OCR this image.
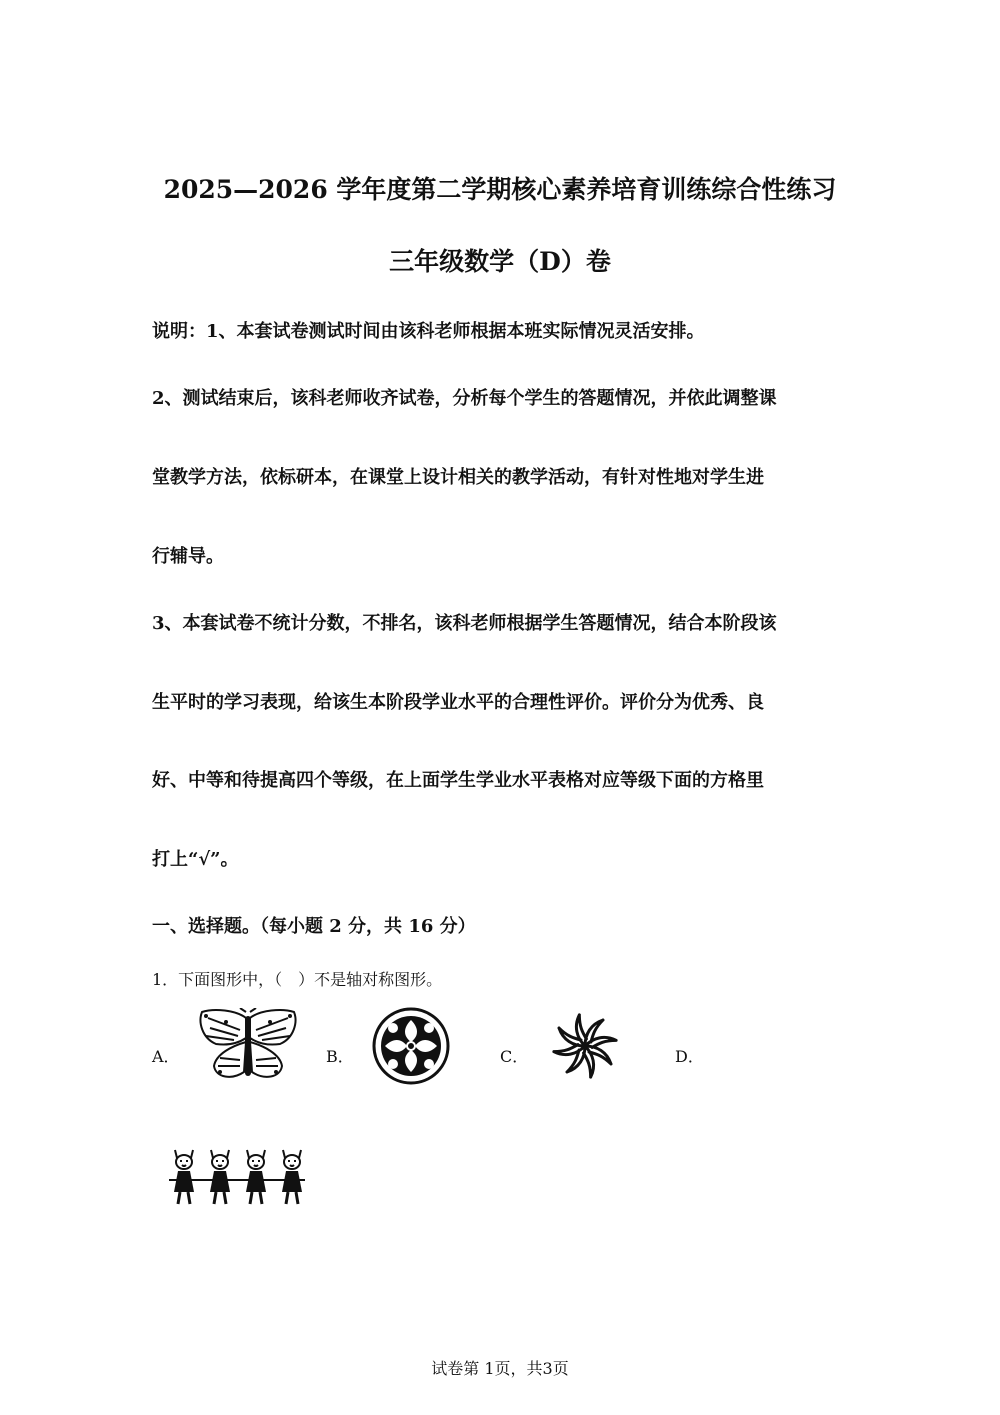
2025—2026 学年度第二学期核心素养培育训练综合性练习
三年级数学（D）卷
说明：1、本套试卷测试时间由该科老师根据本班实际情况灵活安排。
2、测试结束后，该科老师收齐试卷，分析每个学生的答题情况，并依此调整课
堂教学方法，依标研本，在课堂上设计相关的教学活动，有针对性地对学生进
行辅导。
3、本套试卷不统计分数，不排名，该科老师根据学生答题情况，结合本阶段该
生平时的学习表现，给该生本阶段学业水平的合理性评价。评价分为优秀、良
好、中等和待提高四个等级，在上面学生学业水平表格对应等级下面的方格里
打上“√”。
一、选择题。（每小题 2 分，共 16 分）
1．下面图形中，（　）不是轴对称图形。
A．	B．	C．	D．
试卷第 1页，共3页
